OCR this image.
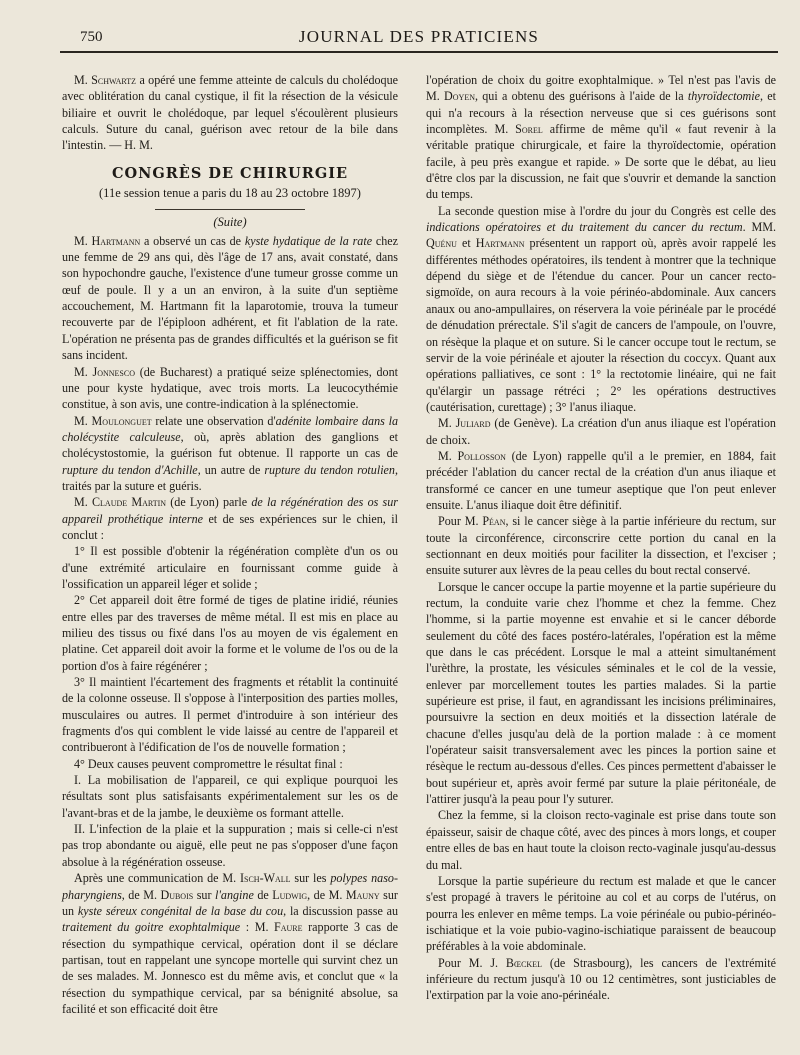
750	JOURNAL DES PRATICIENS

M. Schwartz a opéré une femme atteinte de calculs du cholédoque avec oblitération du canal cystique, il fit la résection de la vésicule biliaire et ouvrit le cholédoque, par lequel s'écoulèrent plusieurs calculs. Suture du canal, guérison avec retour de la bile dans l'intestin. — H. M.

CONGRÈS DE CHIRURGIE
(11e session tenue a paris du 18 au 23 octobre 1897)
(Suite)

M. Hartmann a observé un cas de kyste hydatique de la rate chez une femme de 29 ans qui, dès l'âge de 17 ans, avait constaté, dans son hypochondre gauche, l'existence d'une tumeur grosse comme un œuf de poule. Il y a un an environ, à la suite d'un septième accouchement, M. Hartmann fit la laparotomie, trouva la tumeur recouverte par de l'épiploon adhérent, et fit l'ablation de la rate. L'opération ne présenta pas de grandes difficultés et la guérison se fit sans incident.

M. Jonnesco (de Bucharest) a pratiqué seize splénectomies, dont une pour kyste hydatique, avec trois morts. La leucocythémie constitue, à son avis, une contre-indication à la splénectomie.

M. Moulonguet relate une observation d'adénite lombaire dans la cholécystite calculeuse, où, après ablation des ganglions et cholécystostomie, la guérison fut obtenue. Il rapporte un cas de rupture du tendon d'Achille, un autre de rupture du tendon rotulien, traités par la suture et guéris.

M. Claude Martin (de Lyon) parle de la régénération des os sur appareil prothétique interne et de ses expériences sur le chien, il conclut :

1° Il est possible d'obtenir la régénération complète d'un os ou d'une extrémité articulaire en fournissant comme guide à l'ossification un appareil léger et solide ;

2° Cet appareil doit être formé de tiges de platine iridié, réunies entre elles par des traverses de même métal. Il est mis en place au milieu des tissus ou fixé dans l'os au moyen de vis également en platine. Cet appareil doit avoir la forme et le volume de l'os ou de la portion d'os à faire régénérer ;

3° Il maintient l'écartement des fragments et rétablit la continuité de la colonne osseuse. Il s'oppose à l'interposition des parties molles, musculaires ou autres. Il permet d'introduire à son intérieur des fragments d'os qui comblent le vide laissé au centre de l'appareil et contribueront à l'édification de l'os de nouvelle formation ;

4° Deux causes peuvent compromettre le résultat final :

I. La mobilisation de l'appareil, ce qui explique pourquoi les résultats sont plus satisfaisants expérimentalement sur les os de l'avant-bras et de la jambe, le deuxième os formant attelle.

II. L'infection de la plaie et la suppuration ; mais si celle-ci n'est pas trop abondante ou aiguë, elle peut ne pas s'opposer d'une façon absolue à la régénération osseuse.

Après une communication de M. Isch-Wall sur les polypes naso-pharyngiens, de M. Dubois sur l'angine de Ludwig, de M. Mauny sur un kyste séreux congénital de la base du cou, la discussion passe au traitement du goitre exophtalmique : M. Faure rapporte 3 cas de résection du sympathique cervical, opération dont il se déclare partisan, tout en rappelant une syncope mortelle qui survint chez un de ses malades. M. Jonnesco est du même avis, et conclut que « la résection du sympathique cervical, par sa bénignité absolue, sa facilité et son efficacité doit être

l'opération de choix du goitre exophtalmique. » Tel n'est pas l'avis de M. Doyen, qui a obtenu des guérisons à l'aide de la thyroïdectomie, et qui n'a recours à la résection nerveuse que si ces guérisons sont incomplètes. M. Sorel affirme de même qu'il « faut revenir à la véritable pratique chirurgicale, et faire la thyroïdectomie, opération facile, à peu près exangue et rapide. » De sorte que le débat, au lieu d'être clos par la discussion, ne fait que s'ouvrir et demande la sanction du temps.

La seconde question mise à l'ordre du jour du Congrès est celle des indications opératoires et du traitement du cancer du rectum. MM. Quénu et Hartmann présentent un rapport où, après avoir rappelé les différentes méthodes opératoires, ils tendent à montrer que la technique dépend du siège et de l'étendue du cancer. Pour un cancer recto-sigmoïde, on aura recours à la voie périnéo-abdominale. Aux cancers anaux ou ano-ampullaires, on réservera la voie périnéale par le procédé de dénudation prérectale. S'il s'agit de cancers de l'ampoule, on l'ouvre, on résèque la plaque et on suture. Si le cancer occupe tout le rectum, se servir de la voie périnéale et ajouter la résection du coccyx. Quant aux opérations palliatives, ce sont : 1° la rectotomie linéaire, qui ne fait qu'élargir un passage rétréci ; 2° les opérations destructives (cautérisation, curettage) ; 3° l'anus iliaque.

M. Juliard (de Genève). La création d'un anus iliaque est l'opération de choix.

M. Pollosson (de Lyon) rappelle qu'il a le premier, en 1884, fait précéder l'ablation du cancer rectal de la création d'un anus iliaque et transformé ce cancer en une tumeur aseptique que l'on peut enlever ensuite. L'anus iliaque doit être définitif.

Pour M. Péan, si le cancer siège à la partie inférieure du rectum, sur toute la circonférence, circonscrire cette portion du canal en la sectionnant en deux moitiés pour faciliter la dissection, et l'exciser ; ensuite suturer aux lèvres de la peau celles du bout rectal conservé.

Lorsque le cancer occupe la partie moyenne et la partie supérieure du rectum, la conduite varie chez l'homme et chez la femme. Chez l'homme, si la partie moyenne est envahie et si le cancer déborde seulement du côté des faces postéro-latérales, l'opération est la même que dans le cas précédent. Lorsque le mal a atteint simultanément l'urèthre, la prostate, les vésicules séminales et le col de la vessie, enlever par morcellement toutes les parties malades. Si la partie supérieure est prise, il faut, en agrandissant les incisions préliminaires, poursuivre la section en deux moitiés et la dissection latérale de chacune d'elles jusqu'au delà de la portion malade : à ce moment l'opérateur saisit transversalement avec les pinces la portion saine et résèque le rectum au-dessous d'elles. Ces pinces permettent d'abaisser le bout supérieur et, après avoir fermé par suture la plaie péritonéale, de l'attirer jusqu'à la peau pour l'y suturer.

Chez la femme, si la cloison recto-vaginale est prise dans toute son épaisseur, saisir de chaque côté, avec des pinces à mors longs, et couper entre elles de bas en haut toute la cloison recto-vaginale jusqu'au-dessus du mal.

Lorsque la partie supérieure du rectum est malade et que le cancer s'est propagé à travers le péritoine au col et au corps de l'utérus, on pourra les enlever en même temps. La voie périnéale ou pubio-périnéo-ischiatique et la voie pubio-vagino-ischiatique paraissent de beaucoup préférables à la voie abdominale.

Pour M. J. Bœckel (de Strasbourg), les cancers de l'extrémité inférieure du rectum jusqu'à 10 ou 12 centimètres, sont justiciables de l'extirpation par la voie ano-périnéale.
